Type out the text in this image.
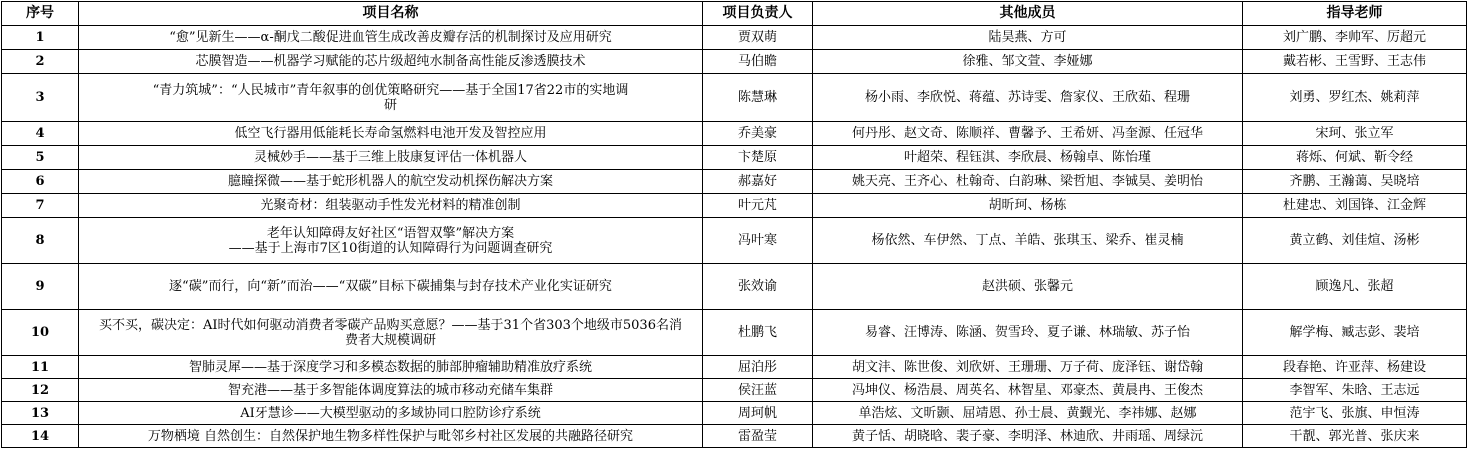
序号	项目名称	项目负责人	其他成员	指导老师
1	“愈”见新生——α-酮戊二酸促进血管生成改善皮瓣存活的机制探讨及应用研究	贾双萌	陆昊燕、方可	刘广鹏、李帅军、厉超元
2	芯膜智造——机器学习赋能的芯片级超纯水制备高性能反渗透膜技术	马伯瞻	徐雅、邹文萱、李娅娜	戴若彬、王雪野、王志伟
3	“青力筑城”：“人民城市”青年叙事的创优策略研究——基于全国17省22市的实地调研	陈慧琳	杨小雨、李欣悦、蒋蕴、苏诗雯、詹家仪、王欣茹、程珊	刘勇、罗红杰、姚莉萍
4	低空飞行器用低能耗长寿命氢燃料电池开发及智控应用	乔美豪	何丹彤、赵文奇、陈顺祥、曹馨予、王希妍、冯奎源、任冠华	宋珂、张立军
5	灵械妙手——基于三维上肢康复评估一体机器人	卞楚原	叶超荣、程钰淇、李欣晨、杨翰卓、陈怡瑾	蒋烁、何斌、靳令经
6	臆瞳探微——基于蛇形机器人的航空发动机探伤解决方案	郝嘉好	姚天亮、王齐心、杜翰奇、白韵琳、梁哲旭、李铖昊、姜明怡	齐鹏、王瀚蔼、吴晓培
7	光聚奇材：组装驱动手性发光材料的精准创制	叶元芃	胡昕珂、杨栋	杜建忠、刘国锋、江金辉
8	老年认知障碍友好社区“语智双擎”解决方案
——基于上海市7区10街道的认知障碍行为问题调查研究	冯叶寒	杨依然、车伊然、丁点、羊皓、张琪玉、梁乔、崔灵楠	黄立鹤、刘佳煊、汤彬
9	逐“碳”而行，向“新”而治——“双碳”目标下碳捕集与封存技术产业化实证研究	张效谕	赵洪硕、张馨元	顾逸凡、张超
10	买不买，碳决定：AI时代如何驱动消费者零碳产品购买意愿？——基于31个省303个地级市5036名消费者大规模调研	杜鹏飞	易睿、汪博涛、陈涵、贺雪玲、夏子谦、林瑞敏、苏子怡	解学梅、臧志彭、裴培
11	智肺灵犀——基于深度学习和多模态数据的肺部肿瘤辅助精准放疗系统	屈泊彤	胡文沣、陈世俊、刘欣妍、王珊珊、万子荷、庞泽钰、谢岱翰	段春艳、许亚萍、杨建设
12	智充港——基于多智能体调度算法的城市移动充储车集群	侯汪蓝	冯坤仪、杨浩晨、周英名、林智星、邓豪杰、黄晨冉、王俊杰	李智军、朱晗、王志远
13	AI牙慧诊——大模型驱动的多域协同口腔防诊疗系统	周珂帆	单浩炫、文昕颢、屈靖恩、孙士晨、黄觐光、李祎娜、赵娜	范宇飞、张旗、申恒涛
14	万物栖境 自然创生：自然保护地生物多样性保护与毗邻乡村社区发展的共融路径研究	雷盈莹	黄子恬、胡晓晗、裴子豪、李明泽、林迪欣、井雨瑶、周绿沅	干靓、郭光普、张庆来
